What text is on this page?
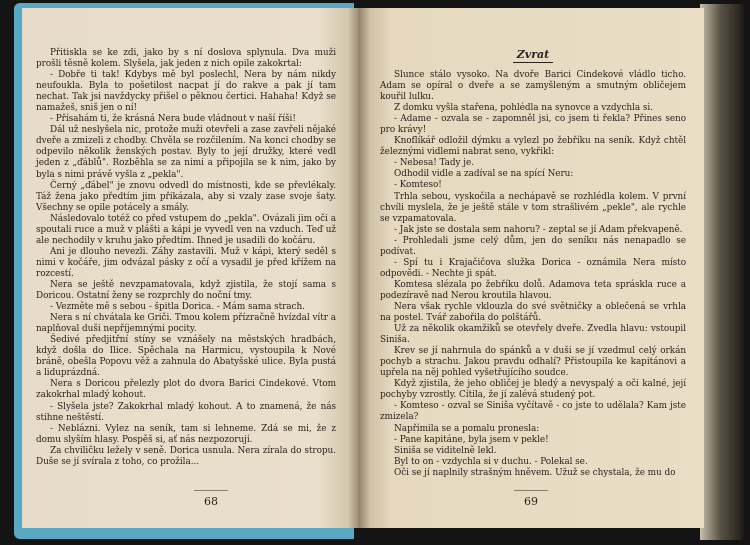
Přitiskla se ke zdi, jako by s ní doslova splynula. Dva muži prošli těsně kolem. Slyšela, jak jeden z nich opile zakokrtal:

- Dobře ti tak! Kdybys mě byl poslechl, Nera by nám nikdy neufoukla. Byla to pošetilost nacpat jí do rakve a pak jí tam nechat. Tak jsi navždycky přišel o pěknou čertici. Hahaha! Když se namažeš, sniš jen o ní!

- Přísahám ti, že krásná Nera bude vládnout v naší říši!

Dál už neslyšela nic, protože muži otevřeli a zase zavřeli nějaké dveře a zmizeli z chodby. Chvěla se rozčilením. Na konci chodby se odpevilo několik ženských postav. Byly to její družky, které vedl jeden z „ďáblů". Rozběhla se za nimi a připojila se k nim, jako by byla s nimi právě vyšla z „pekla".

Černý „ďábel" je znovu odvedl do místnosti, kde se převlékaly. Táž žena jako předtím jim přikázala, aby si vzaly zase svoje šaty. Všechny se opile potácely a smály.

Následovalo totéž co před vstupem do „pekla". Ovázali jim oči a spoutali ruce a muž v plášti a kápi je vyvedl ven na vzduch. Teď už ale nechodily v kruhu jako předtím. Ihned je usadili do kočáru.

Ani je dlouho nevezli. Záhy zastavili. Muž v kápi, který seděl s nimi v kočáře, jim odvázal pásky z očí a vysadil je před křížem na rozcestí.

Nera se ještě nevzpamatovala, když zjistila, že stojí sama s Doricou. Ostatní ženy se rozprchly do noční tmy.

- Vezměte mě s sebou - špitla Dorica. - Mám sama strach.

Nera s ní chvátala ke Griči. Tmou kolem přízračně hvízdal vítr a naplňoval duši nepříjemnými pocity.

Šedivé předjitřní stíny se vznášely na městských hradbách, když došla do Ilice. Spěchala na Harmicu, vystoupila k Nové bráně, obešla Popovu věž a zahnula do Abatyšské ulice. Byla pustá a liduprázdná.

Nera s Doricou přelezly plot do dvora Barici Cindekové. Vtom zakokrhal mladý kohout.

- Slyšela jste? Zakokrhal mladý kohout. A to znamená, že nás stihne neštěstí.

- Neblázni. Vylez na seník, tam si lehneme. Zdá se mi, že z domu slyším hlasy. Pospěš si, ať nás nezpozorují.

Za chviličku ležely v seně. Dorica usnula. Nera zírala do stropu. Duše se jí svírala z toho, co prožila...

68
Zvrat

Slunce stálo vysoko. Na dvoře Barici Cindekové vládlo ticho. Adam se opíral o dveře a se zamyšleným a smutným obličejem kouřil lulku.

Z domku vyšla stařena, pohlédla na synovce a vzdychla si.

- Adame - ozvala se - zapomněl jsi, co jsem ti řekla? Přines seno pro krávy!

Knoflíkář odložil dýmku a vylezl po žebříku na seník. Když chtěl železnými vidlemi nabrat seno, vykřikl:

- Nebesa! Tady je.

Odhodil vidle a zadíval se na spící Neru:

- Komteso!

Trhla sebou, vyskočila a nechápavě se rozhlédla kolem. V první chvíli myslela, že je ještě stále v tom strašlivém „pekle", ale rychle se vzpamatovala.

- Jak jste se dostala sem nahoru? - zeptal se jí Adam překvapeně.

- Prohledali jsme celý dům, jen do seníku nás nenapadlo se podívat.

- Spí tu i Krajačičova služka Dorica - oznámila Nera místo odpovědi. - Nechte ji spát.

Komtesa slézala po žebříku dolů. Adamova teta spráskla ruce a podezíravě nad Nerou kroutila hlavou.

Nera však rychle vklouzla do své světničky a oblečená se vrhla na postel. Tvář zabořila do polštářů.

Už za několik okamžiků se otevřely dveře. Zvedla hlavu: vstoupil Siniša.

Krev se jí nahrnula do spánků a v duši se jí vzedmul celý orkán pochyb a strachu. Jakou pravdu odhalí? Přistoupila ke kapitánovi a upřela na něj pohled vyšetřujícího soudce.

Když zjistila, že jeho obličej je bledý a nevyspalý a oči kalné, její pochyby vzrostly. Cítila, že jí zalévá studený pot.

- Komteso - ozval se Siniša vyčítavě - co jste to udělala? Kam jste zmizela?

Napřímila se a pomalu pronesla:

- Pane kapitáne, byla jsem v pekle!

Siniša se viditelně lekl.

Byl to on - vzdychla si v duchu. - Polekal se.

Oči se jí naplnily strašným hněvem. Užuž se chystala, že mu do

69
